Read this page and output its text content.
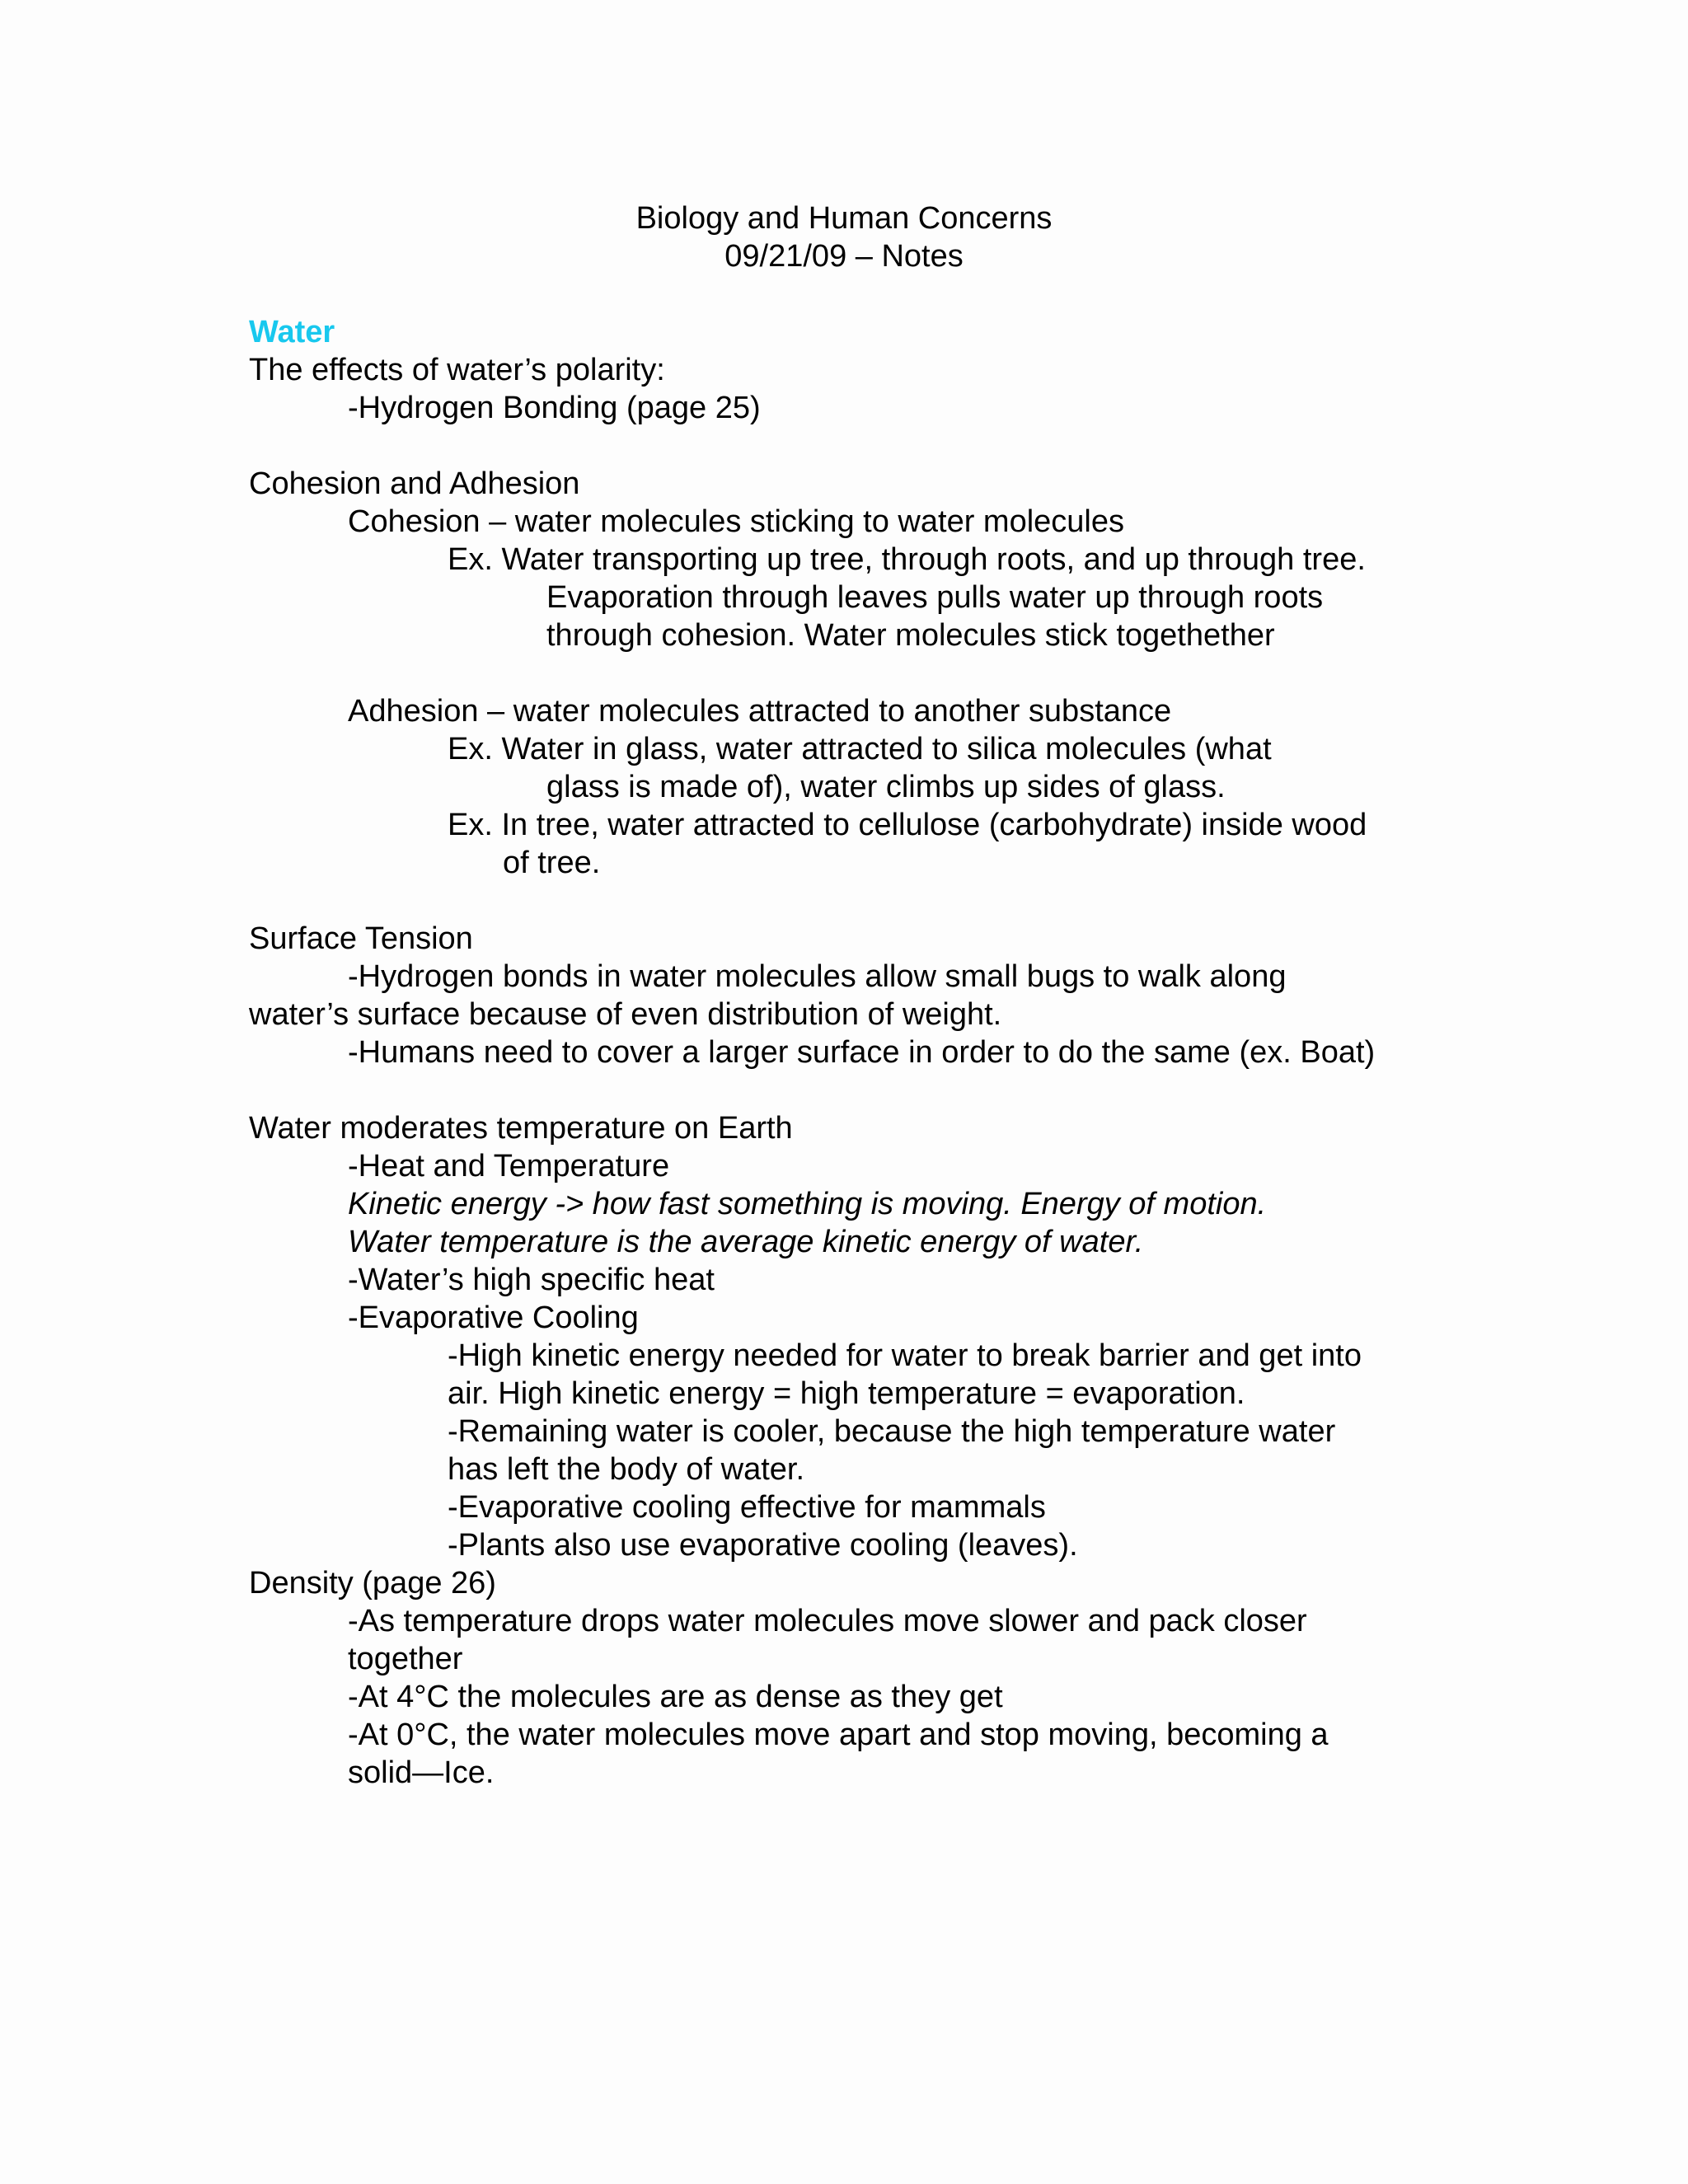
Biology and Human Concerns
09/21/09 – Notes
Water
The effects of water’s polarity:
-Hydrogen Bonding (page 25)
Cohesion and Adhesion
Cohesion – water molecules sticking to water molecules
Ex. Water transporting up tree, through roots, and up through tree.
Evaporation through leaves pulls water up through roots
through cohesion. Water molecules stick togethether
Adhesion – water molecules attracted to another substance
Ex. Water in glass, water attracted to silica molecules (what
glass is made of), water climbs up sides of glass.
Ex. In tree, water attracted to cellulose (carbohydrate) inside wood
of tree.
Surface Tension
-Hydrogen bonds in water molecules allow small bugs to walk along
water’s surface because of even distribution of weight.
-Humans need to cover a larger surface in order to do the same (ex. Boat)
Water moderates temperature on Earth
-Heat and Temperature
Kinetic energy -> how fast something is moving. Energy of motion.
Water temperature is the average kinetic energy of water.
-Water’s high specific heat
-Evaporative Cooling
-High kinetic energy needed for water to break barrier and get into
air. High kinetic energy = high temperature = evaporation.
-Remaining water is cooler, because the high temperature water
has left the body of water.
-Evaporative cooling effective for mammals
-Plants also use evaporative cooling (leaves).
Density (page 26)
-As temperature drops water molecules move slower and pack closer
together
-At 4°C the molecules are as dense as they get
-At 0°C, the water molecules move apart and stop moving, becoming a
solid—Ice.
